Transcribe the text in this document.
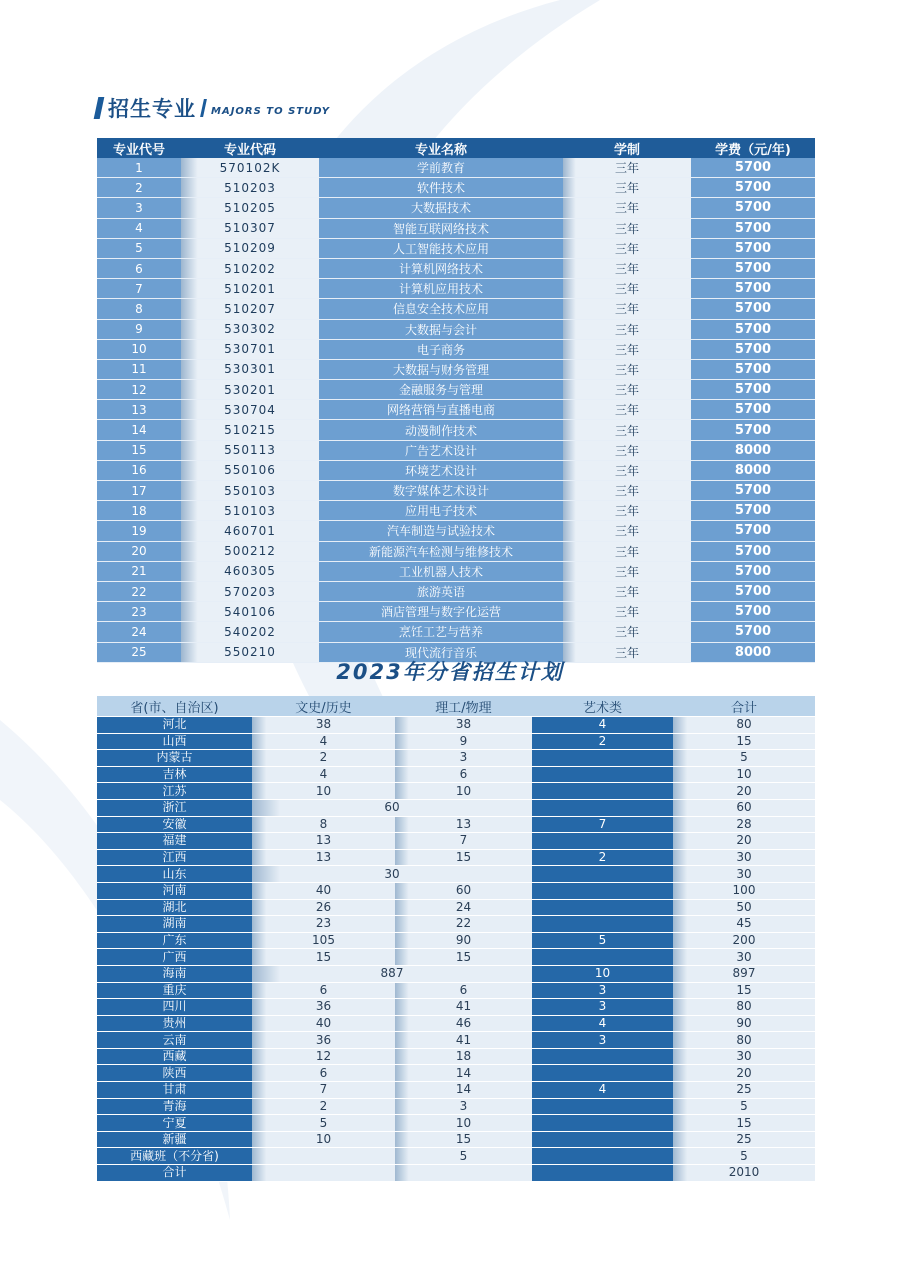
招生专业 MAJORS TO STUDY
专业代号	专业代码	专业名称	学制	学费（元/年)
1	570102K	学前教育	三年	5700
2	510203	软件技术	三年	5700
3	510205	大数据技术	三年	5700
4	510307	智能互联网络技术	三年	5700
5	510209	人工智能技术应用	三年	5700
6	510202	计算机网络技术	三年	5700
7	510201	计算机应用技术	三年	5700
8	510207	信息安全技术应用	三年	5700
9	530302	大数据与会计	三年	5700
10	530701	电子商务	三年	5700
11	530301	大数据与财务管理	三年	5700
12	530201	金融服务与管理	三年	5700
13	530704	网络营销与直播电商	三年	5700
14	510215	动漫制作技术	三年	5700
15	550113	广告艺术设计	三年	8000
16	550106	环境艺术设计	三年	8000
17	550103	数字媒体艺术设计	三年	5700
18	510103	应用电子技术	三年	5700
19	460701	汽车制造与试验技术	三年	5700
20	500212	新能源汽车检测与维修技术	三年	5700
21	460305	工业机器人技术	三年	5700
22	570203	旅游英语	三年	5700
23	540106	酒店管理与数字化运营	三年	5700
24	540202	烹饪工艺与营养	三年	5700
25	550210	现代流行音乐	三年	8000
2023年分省招生计划
省(市、自治区)	文史/历史	理工/物理	艺术类	合计
河北	38	38	4	80
山西	4	9	2	15
内蒙古	2	3		5
吉林	4	6		10
江苏	10	10		20
浙江	60			60
安徽	8	13	7	28
福建	13	7		20
江西	13	15	2	30
山东	30			30
河南	40	60		100
湖北	26	24		50
湖南	23	22		45
广东	105	90	5	200
广西	15	15		30
海南	887		10	897
重庆	6	6	3	15
四川	36	41	3	80
贵州	40	46	4	90
云南	36	41	3	80
西藏	12	18		30
陕西	6	14		20
甘肃	7	14	4	25
青海	2	3		5
宁夏	5	10		15
新疆	10	15		25
西藏班（不分省)		5		5
合计				2010
